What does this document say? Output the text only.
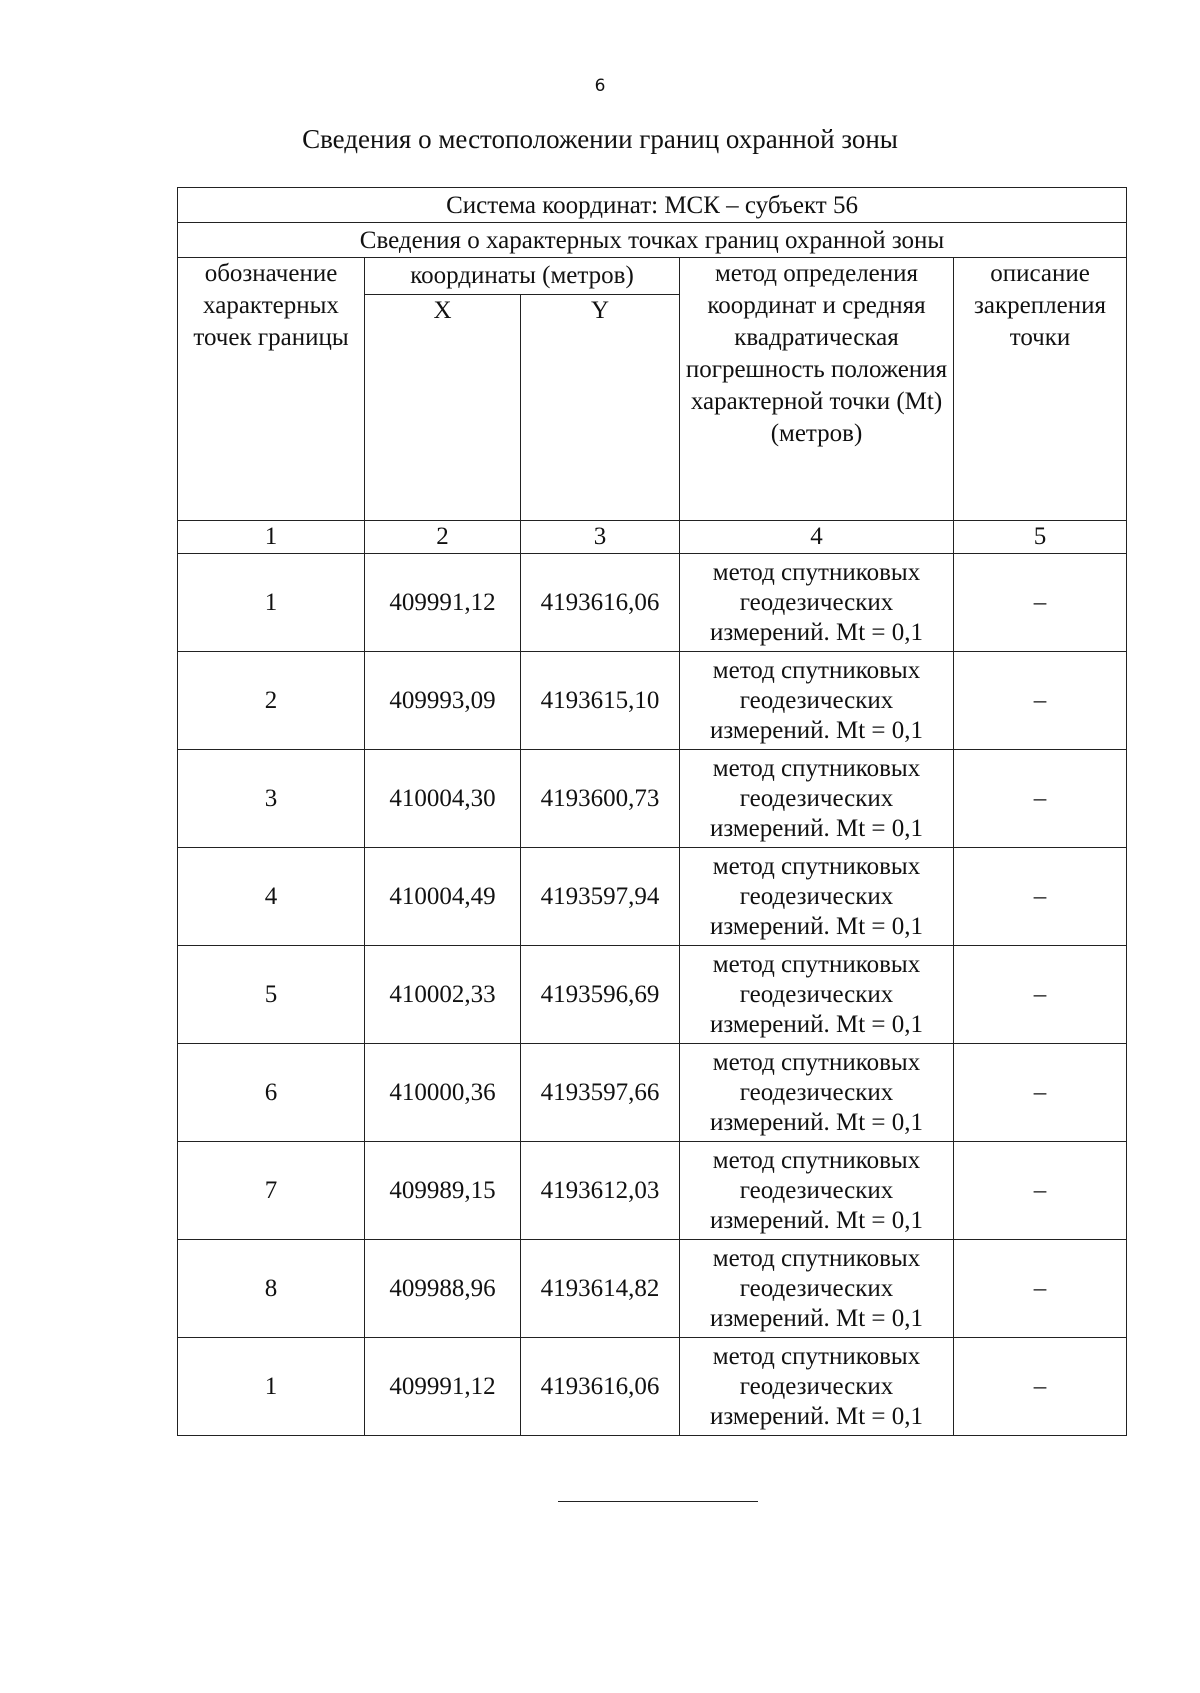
6
Сведения о местоположении границ охранной зоны
Система координат: МСК – субъект 56				
Сведения о характерных точках границ охранной зоны				
обозначение характерных точек границы	координаты (метров)		метод определения координат и средняя квадратическая погрешность положения характерной точки (Mt) (метров)	описание закрепления точки
	X	Y		
1	2	3	4	5
1	409991,12	4193616,06	метод спутниковых геодезических измерений. Mt = 0,1	–
2	409993,09	4193615,10	метод спутниковых геодезических измерений. Mt = 0,1	–
3	410004,30	4193600,73	метод спутниковых геодезических измерений. Mt = 0,1	–
4	410004,49	4193597,94	метод спутниковых геодезических измерений. Mt = 0,1	–
5	410002,33	4193596,69	метод спутниковых геодезических измерений. Mt = 0,1	–
6	410000,36	4193597,66	метод спутниковых геодезических измерений. Mt = 0,1	–
7	409989,15	4193612,03	метод спутниковых геодезических измерений. Mt = 0,1	–
8	409988,96	4193614,82	метод спутниковых геодезических измерений. Mt = 0,1	–
1	409991,12	4193616,06	метод спутниковых геодезических измерений. Mt = 0,1	–
